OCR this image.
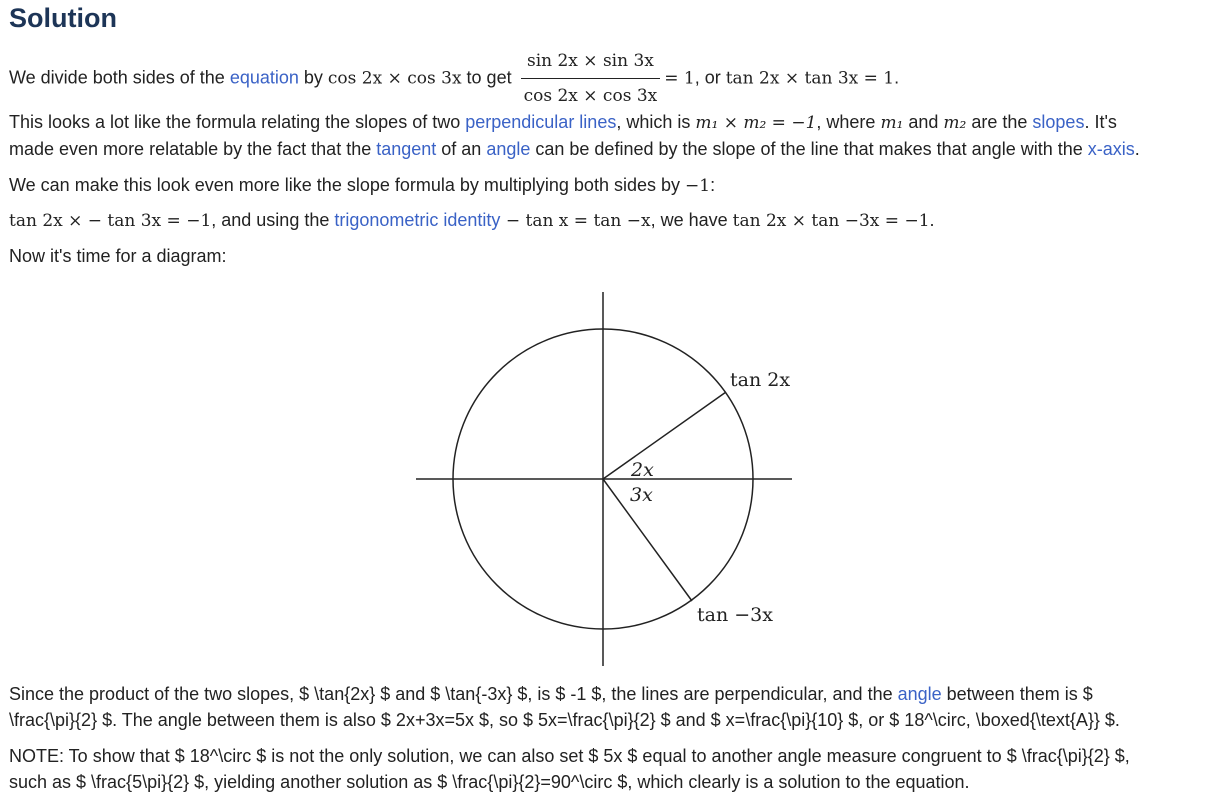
Solution
We divide both sides of the equation by cos 2x × cos 3x to get $\frac{\sin 2x \times \sin 3x}{\cos 2x \times \cos 3x} = 1$, or tan 2x × tan 3x = 1.
This looks a lot like the formula relating the slopes of two perpendicular lines, which is m₁ × m₂ = −1, where m₁ and m₂ are the slopes. It's
made even more relatable by the fact that the tangent of an angle can be defined by the slope of the line that makes that angle with the x-axis.
We can make this look even more like the slope formula by multiplying both sides by −1:
tan 2x × − tan 3x = −1, and using the trigonometric identity − tan x = tan −x, we have tan 2x × tan −3x = −1.
Now it's time for a diagram:
tan 2x
2x
3x
tan −3x
Since the product of the two slopes, $ \tan{2x} $ and $ \tan{-3x} $, is $ -1 $, the lines are perpendicular, and the angle between them is $
\frac{\pi}{2} $. The angle between them is also $ 2x+3x=5x $, so $ 5x=\frac{\pi}{2} $ and $ x=\frac{\pi}{10} $, or $ 18^\circ, \boxed{\text{A}} $.
NOTE: To show that $ 18^\circ $ is not the only solution, we can also set $ 5x $ equal to another angle measure congruent to $ \frac{\pi}{2} $,
such as $ \frac{5\pi}{2} $, yielding another solution as $ \frac{\pi}{2}=90^\circ $, which clearly is a solution to the equation.
